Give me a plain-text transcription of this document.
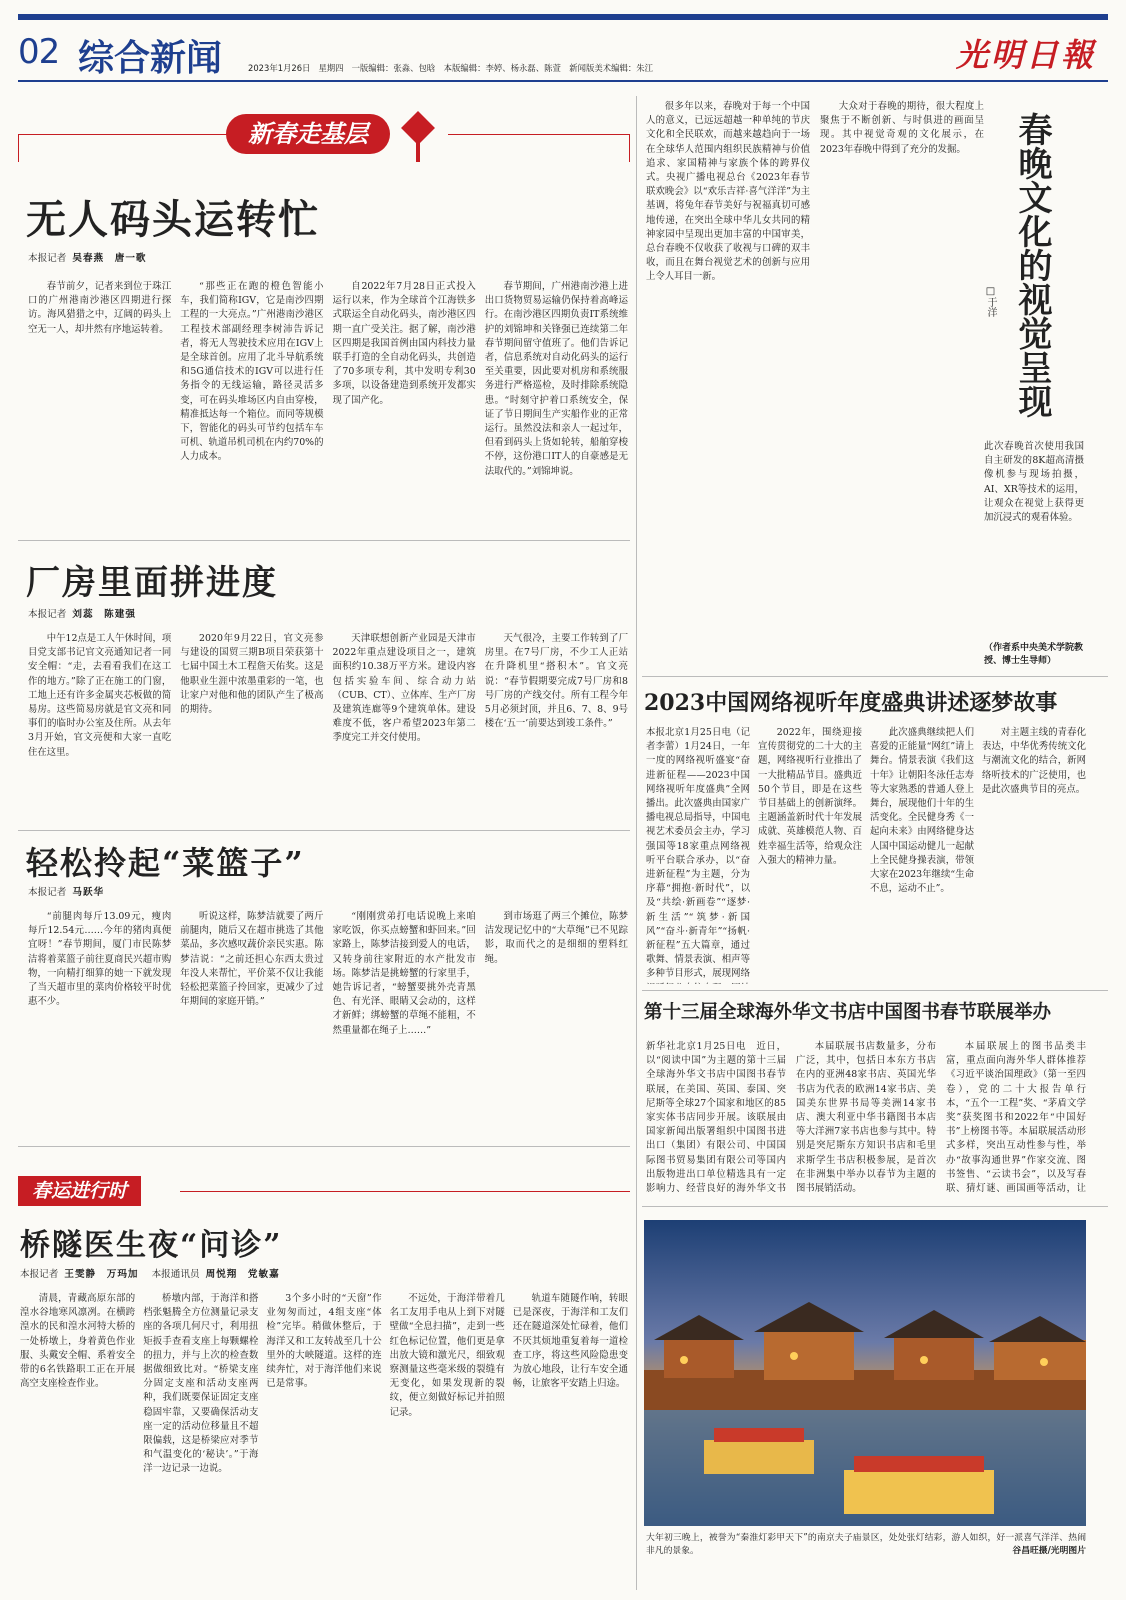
02 综合新闻	2023年1月26日 星期四 一版编辑：张淼、包晗　本版编辑：李婷、杨永磊、陈萱　新闻版美术编辑：朱江	光明日報
新春走基层
无人码头运转忙
本报记者 吴春燕　唐一歌

春节前夕，记者来到位于珠江口的广州港南沙港区四期进行探访。海风猎猎之中，辽阔的码头上空无一人，却井然有序地运转着。

“那些正在跑的橙色智能小车，我们简称IGV，它是南沙四期工程的一大亮点。”广州港南沙港区工程技术部副经理李树沛告诉记者，将无人驾驶技术应用在IGV上是全球首创。应用了北斗导航系统和5G通信技术的IGV可以进行任务指令的无线运输，路径灵活多变，可在码头堆场区内自由穿梭，精准抵达每一个箱位。而同等规模下，智能化的码头可节约包括车车可机、轨道吊机司机在内约70%的人力成本。

自2022年7月28日正式投入运行以来，作为全球首个江海铁多式联运全自动化码头，南沙港区四期一直广受关注。据了解，南沙港区四期是我国首例由国内科技力量联手打造的全自动化码头，共创造了70多项专利，其中发明专利30多项，以设备建造到系统开发都实现了国产化。

春节期间，广州港南沙港上进出口货物贸易运输仍保持着高峰运行。在南沙港区四期负责IT系统维护的刘锦坤和关锋强已连续第二年春节期间留守值班了。他们告诉记者，信息系统对自动化码头的运行至关重要，因此要对机房和系统服务进行严格巡检，及时排除系统隐患。“时刻守护着口系统安全，保证了节日期间生产实船作业的正常运行。虽然没法和亲人一起过年，但看到码头上货如轮转，船舶穿梭不停，这份港口IT人的自豪感是无法取代的。”刘锦坤说。

厂房里面拼进度
本报记者 刘蕊　陈建强

中午12点是工人午休时间，项目党支部书记官文亮通知记者一同安全帽：“走，去看看我们在这工作的地方。”除了正在施工的门窗，工地上还有许多金属夹芯板做的简易房。这些简易房就是官文亮和同事们的临时办公室及住所。从去年3月开始，官文亮便和大家一直吃住在这里。

2020年9月22日，官文亮参与建设的国贸三期B项目荣获第十七届中国土木工程詹天佑奖。这是他职业生涯中浓墨重彩的一笔，也让家户对他和他的团队产生了极高的期待。

天津联想创新产业园是天津市2022年重点建设项目之一，建筑面积约10.38万平方米。建设内容包括实验车间、综合动力站（CUB、CT）、立体库、生产厂房及建筑连廊等9个建筑单体。建设难度不低，客户希望2023年第二季度完工并交付使用。

天气很冷，主要工作转到了厂房里。在7号厂房，不少工人正站在升降机里“搭积木”。官文亮说：“春节假期要完成7号厂房和8号厂房的产线交付。所有工程今年5月必须封顶，并且6、7、8、9号楼在‘五一’前要达到竣工条件。”

轻松拎起“菜篮子”
本报记者 马跃华

“前腿肉每斤13.09元，瘦肉每斤12.54元……今年的猪肉真便宜呀！”春节期间，厦门市民陈梦洁将着菜篮子前往夏商民兴超市购物，一向精打细算的她一下就发现了当天超市里的菜肉价格较平时优惠不少。

听说这样，陈梦洁就要了两斤前腿肉，随后又在超市挑选了其他菜品，多次感叹蔬价亲民实惠。陈梦洁说：“之前还担心东西太贵过年没人来帮忙，平价菜不仅让我能轻松把菜篮子拎回家，更减少了过年期间的家庭开销。”

“刚刚赏弟打电话说晚上来咱家吃饭，你买点螃蟹和虾回来。”回家路上，陈梦洁接到爱人的电话，又转身前往家附近的水产批发市场。陈梦洁是挑螃蟹的行家里手，她告诉记者，“螃蟹要挑外壳青黑色、有光泽、眼睛又会动的，这样才新鲜；绑螃蟹的草绳不能粗，不然重量都在绳子上……”

到市场逛了两三个摊位，陈梦洁发现记忆中的“大草绳”已不见踪影，取而代之的是细细的塑料红绳。

春运进行时
桥隧医生夜“问诊”
本报记者 王雯静　万玛加 本报通讯员 周悦翔　党敏嘉

清晨，青藏高原东部的湟水谷地寒风凛冽。在横跨湟水的民和湟水河特大桥的一处桥墩上，身着黄色作业服、头戴安全帽、系着安全带的6名铁路职工正在开展高空支座检查作业。

桥墩内部，于海洋和搭档张魁腾全方位测量记录支座的各项几何尺寸，利用扭矩扳手查看支座上每颗螺栓的扭力，并与上次的检查数据做细致比对。“桥梁支座分固定支座和活动支座两种，我们既要保证固定支座稳固牢靠，又要确保活动支座一定的活动位移量且不超限偏载，这是桥梁应对季节和气温变化的‘秘诀’。”于海洋一边记录一边说。

3个多小时的“天窗”作业匆匆而过，4组支座“体检”完毕。稍做休整后，于海洋又和工友转战至几十公里外的大峡隧道。这样的连续奔忙，对于海洋他们来说已是常事。

不远处，于海洋带着几名工友用手电从上到下对隧壁做“全息扫描”，走到一些红色标记位置，他们更是拿出放大镜和激光尺，细致观察测量这些毫米级的裂缝有无变化，如果发现新的裂纹，便立刻做好标记并拍照记录。

轨道车随隧作响，转眼已是深夜，于海洋和工友们还在隧道深处忙碌着，他们不厌其烦地重复着每一道检查工序，将这些风险隐患变为放心地段，让行车安全通畅，让旅客平安踏上归途。

很多年以来，春晚对于每一个中国人的意义，已远远超越一种单纯的节庆文化和全民联欢，而越来越趋向于一场在全球华人范围内组织民族精神与价值追求、家国精神与家族个体的跨界仪式。央视广播电视总台《2023年春节联欢晚会》以“欢乐吉祥·喜气洋洋”为主基调，将兔年春节美好与祝福真切可感地传递，在突出全球中华儿女共同的精神家园中呈现出更加丰富的中国审美，总台春晚不仅收获了收视与口碑的双丰收，而且在舞台视觉艺术的创新与应用上令人耳目一新。

大众对于春晚的期待，很大程度上聚焦于不断创新、与时俱进的画面呈现。其中视觉奇观的文化展示，在2023年春晚中得到了充分的发掘。	春晚文化的视觉呈现
□于洋

此次春晚首次使用我国自主研发的8K超高清摄像机参与现场拍摄，AI、XR等技术的运用，让观众在视觉上获得更加沉浸式的观看体验。

（作者系中央美术学院教授、博士生导师）
2023中国网络视听年度盛典讲述逐梦故事

本报北京1月25日电（记者李蕾）1月24日，一年一度的网络视听盛宴“奋进新征程——2023中国网络视听年度盛典”全网播出。此次盛典由国家广播电视总局指导，中国电视艺术委员会主办，学习强国等18家重点网络视听平台联合承办，以“奋进新征程”为主题，分为序幕“拥抱·新时代”，以及“共绘·新画卷”“逐梦·新生活”“筑梦·新国风”“奋斗·新青年”“扬帆·新征程”五大篇章，通过歌舞、情景表演、相声等多种节目形式，展现网络

2022年，围绕迎接宣传贯彻党的二十大的主题，网络视听行业推出了一大批精品节目。盛典近50个节目，即是在这些节目基础上的创新演绎。主题涵盖新时代十年发展成就、英雄模范人物、百姓幸福生活等，给观众注入强大的精神力量。

此次盛典继续把人们喜爱的正能量“网红”请上舞台。情景表演《我们这十年》让朝阳冬泳任志寿等大家熟悉的普通人登上舞台，展现他们十年的生活变化。全民健身秀《一起向未来》由网络健身达人国中国运动健儿一起献上全民健身操表演，带领大家在2023年继续“生命不息，运动不止”。

对主题主线的青春化表达，中华优秀传统文化与潮流文化的结合，新网络听技术的广泛使用，也是此次盛典节目的亮点。

第十三届全球海外华文书店中国图书春节联展举办

新华社北京1月25日电　近日，以“阅读中国”为主题的第十三届全球海外华文书店中国图书春节联展，在美国、英国、泰国、突尼斯等全球27个国家和地区的85家实体书店同步开展。该联展由国家新闻出版署组织中国图书进出口（集团）有限公司、中国国际图书贸易集团有限公司等国内出版物进出口单位精选具有一定影响力、经营良好的海外华文书

本届联展书店数量多，分布广泛，其中，包括日本东方书店在内的亚洲48家书店、英国光华书店为代表的欧洲14家书店、美国美东世界书局等美洲14家书店、澳大利亚中华书籍图书本店等大洋洲7家书店也参与其中。特别是突尼斯东方知识书店和毛里求斯学生书店积极参展，是首次在非洲集中举办以春节为主题的图书展销活动。

本届联展上的图书品类丰富，重点面向海外华人群体推荐《习近平谈治国理政》（第一至四卷），党的二十大报告单行本，“五个一工程”奖、“茅盾文学奖”获奖图书和2022年“中国好书”上榜图书等。本届联展活动形式多样，突出互动性参与性，举办“故事沟通世界”作家交流、图书签售、“云读书会”，以及写春联、猜灯谜、画国画等活动，让

大年初三晚上，被誉为“秦淮灯彩甲天下”的南京夫子庙景区，处处张灯结彩，游人如织，好一派喜气洋洋、热闹非凡的景象。	谷昌旺摄/光明图片
